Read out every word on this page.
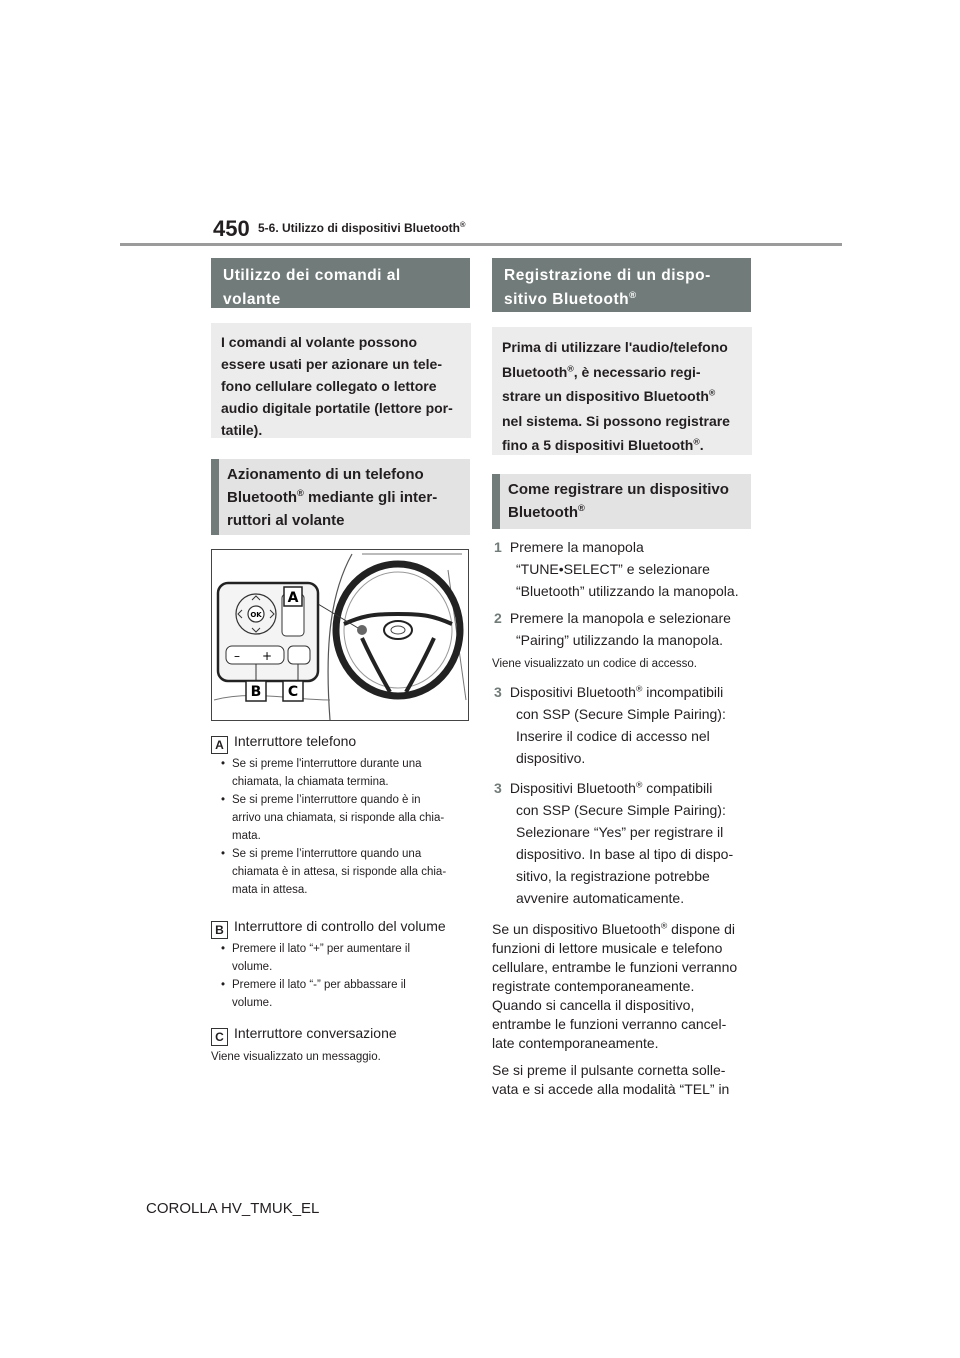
450 5-6. Utilizzo di dispositivi Bluetooth®
Utilizzo dei comandi al
volante
I comandi al volante possono
essere usati per azionare un tele-
fono cellulare collegato o lettore
audio digitale portatile (lettore por-
tatile).
Azionamento di un telefono
Bluetooth® mediante gli inter-
ruttori al volante
OK
– +
A
B C
A Interruttore telefono
• Se si preme l'interruttore durante una
chiamata, la chiamata termina.
• Se si preme l’interruttore quando è in
arrivo una chiamata, si risponde alla chia-
mata.
• Se si preme l’interruttore quando una
chiamata è in attesa, si risponde alla chia-
mata in attesa.
B Interruttore di controllo del volume
• Premere il lato “+” per aumentare il
volume.
• Premere il lato “-” per abbassare il
volume.
C Interruttore conversazione
Viene visualizzato un messaggio.
Registrazione di un dispo-
sitivo Bluetooth®
Prima di utilizzare l'audio/telefono
Bluetooth®, è necessario regi-
strare un dispositivo Bluetooth®
nel sistema. Si possono registrare
fino a 5 dispositivi Bluetooth®.
Come registrare un dispositivo
Bluetooth®
1 Premere la manopola
“TUNE•SELECT” e selezionare
“Bluetooth” utilizzando la manopola.
2 Premere la manopola e selezionare
“Pairing” utilizzando la manopola.
Viene visualizzato un codice di accesso.
3 Dispositivi Bluetooth® incompatibili
con SSP (Secure Simple Pairing):
Inserire il codice di accesso nel
dispositivo.
3 Dispositivi Bluetooth® compatibili
con SSP (Secure Simple Pairing):
Selezionare “Yes” per registrare il
dispositivo. In base al tipo di dispo-
sitivo, la registrazione potrebbe
avvenire automaticamente.
Se un dispositivo Bluetooth® dispone di
funzioni di lettore musicale e telefono
cellulare, entrambe le funzioni verranno
registrate contemporaneamente.
Quando si cancella il dispositivo,
entrambe le funzioni verranno cancel-
late contemporaneamente.
Se si preme il pulsante cornetta solle-
vata e si accede alla modalità “TEL” in
COROLLA HV_TMUK_EL
